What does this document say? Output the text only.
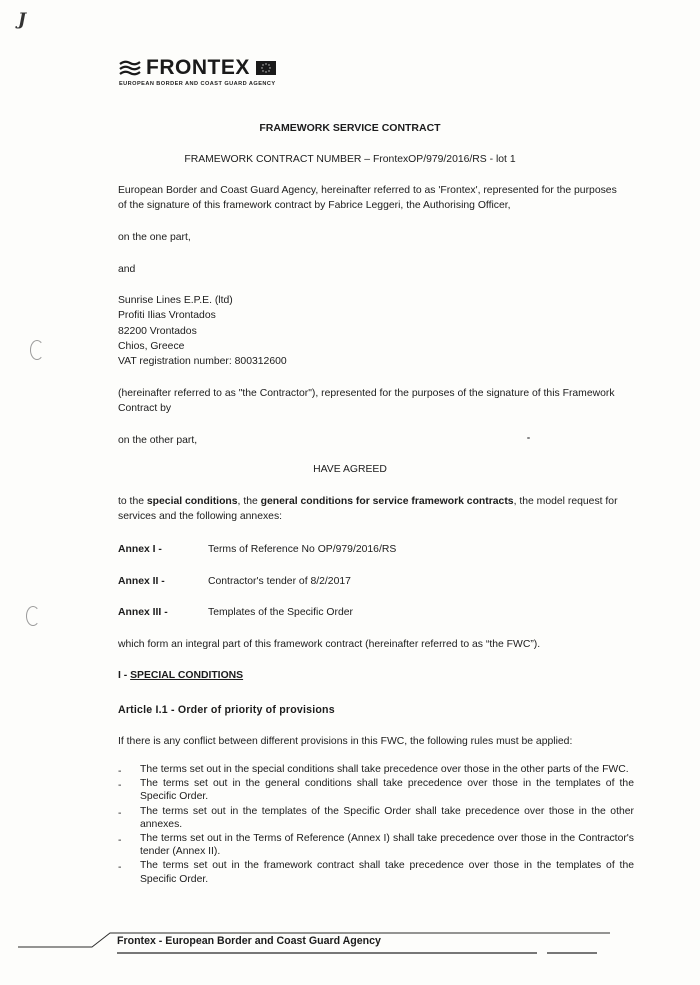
J
FRONTEX
EUROPEAN BORDER AND COAST GUARD AGENCY
FRAMEWORK SERVICE CONTRACT
FRAMEWORK CONTRACT NUMBER – FrontexOP/979/2016/RS - lot 1
European Border and Coast Guard Agency, hereinafter referred to as 'Frontex', represented for the purposes
of the signature of this framework contract by Fabrice Leggeri, the Authorising Officer,
on the one part,
and
Sunrise Lines E.P.E. (ltd)
Profiti Ilias Vrontados
82200 Vrontados
Chios, Greece
VAT registration number: 800312600
(hereinafter referred to as "the Contractor"), represented for the purposes of the signature of this Framework
Contract by
on the other part,
HAVE AGREED
to the special conditions, the general conditions for service framework contracts, the model request for
services and the following annexes:
Annex I -	Terms of Reference No OP/979/2016/RS
Annex II -	Contractor's tender of 8/2/2017
Annex III -	Templates of the Specific Order
which form an integral part of this framework contract (hereinafter referred to as “the FWC”).
I - SPECIAL CONDITIONS
Article I.1 - Order of priority of provisions
If there is any conflict between different provisions in this FWC, the following rules must be applied:
- The terms set out in the special conditions shall take precedence over those in the other parts of the FWC.
- The terms set out in the general conditions shall take precedence over those in the templates of the Specific Order.
- The terms set out in the templates of the Specific Order shall take precedence over those in the other annexes.
- The terms set out in the Terms of Reference (Annex I) shall take precedence over those in the Contractor's tender (Annex II).
- The terms set out in the framework contract shall take precedence over those in the templates of the Specific Order.
Frontex - European Border and Coast Guard Agency
